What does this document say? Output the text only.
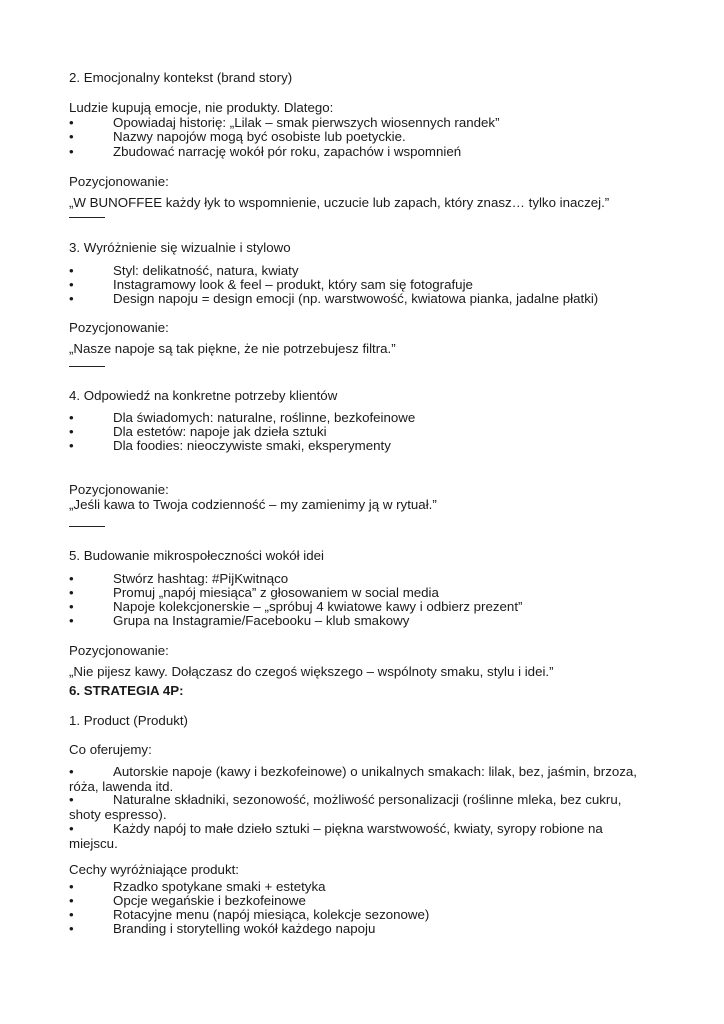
2. Emocjonalny kontekst (brand story)

Ludzie kupują emocje, nie produkty. Dlatego:

•	Opowiadaj historię: „Lilak – smak pierwszych wiosennych randek”
•	Nazwy napojów mogą być osobiste lub poetyckie.
•	Zbudować narrację wokół pór roku, zapachów i wspomnień

Pozycjonowanie:

„W BUNOFFEE każdy łyk to wspomnienie, uczucie lub zapach, który znasz… tylko inaczej.”

3. Wyróżnienie się wizualnie i stylowo

•	Styl: delikatność, natura, kwiaty
•	Instagramowy look & feel – produkt, który sam się fotografuje
•	Design napoju = design emocji (np. warstwowość, kwiatowa pianka, jadalne płatki)

Pozycjonowanie:

„Nasze napoje są tak piękne, że nie potrzebujesz filtra.”

4. Odpowiedź na konkretne potrzeby klientów

•	Dla świadomych: naturalne, roślinne, bezkofeinowe
•	Dla estetów: napoje jak dzieła sztuki
•	Dla foodies: nieoczywiste smaki, eksperymenty

Pozycjonowanie:

„Jeśli kawa to Twoja codzienność – my zamienimy ją w rytuał.”

5. Budowanie mikrospołeczności wokół idei

•	Stwórz hashtag: #PijKwitnąco
•	Promuj „napój miesiąca” z głosowaniem w social media
•	Napoje kolekcjonerskie – „spróbuj 4 kwiatowe kawy i odbierz prezent”
•	Grupa na Instagramie/Facebooku – klub smakowy

Pozycjonowanie:

„Nie pijesz kawy. Dołączasz do czegoś większego – wspólnoty smaku, stylu i idei.”

6. STRATEGIA 4P:

1. Product (Produkt)

Co oferujemy:

•	Autorskie napoje (kawy i bezkofeinowe) o unikalnych smakach: lilak, bez, jaśmin, brzoza, róża, lawenda itd.
•	Naturalne składniki, sezonowość, możliwość personalizacji (roślinne mleka, bez cukru, shoty espresso).
•	Każdy napój to małe dzieło sztuki – piękna warstwowość, kwiaty, syropy robione na miejscu.

Cechy wyróżniające produkt:

•	Rzadko spotykane smaki + estetyka
•	Opcje wegańskie i bezkofeinowe
•	Rotacyjne menu (napój miesiąca, kolekcje sezonowe)
•	Branding i storytelling wokół każdego napoju
